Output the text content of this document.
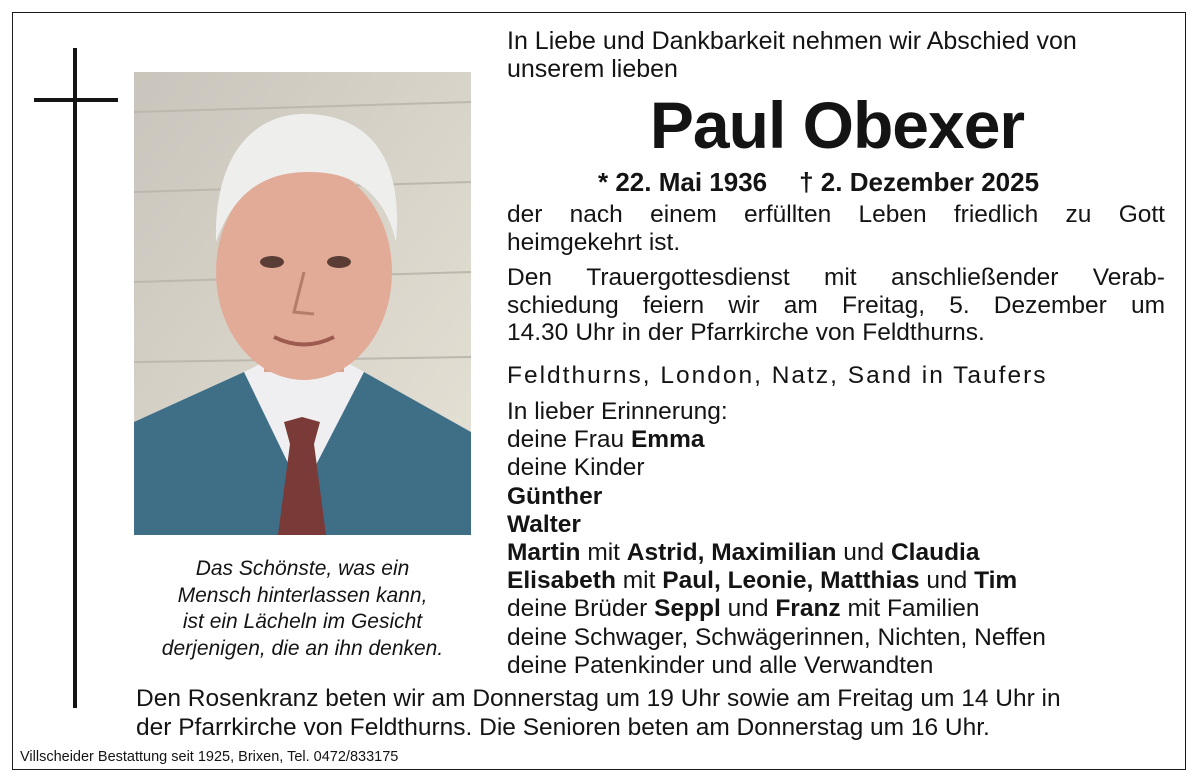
Das Schönste, was ein
Mensch hinterlassen kann,
ist ein Lächeln im Gesicht
derjenigen, die an ihn denken.
In Liebe und Dankbarkeit nehmen wir Abschied von
unserem lieben
Paul Obexer
* 22. Mai 1936 † 2. Dezember 2025
der nach einem erfüllten Leben friedlich zu Gott
heimgekehrt ist.
Den Trauergottesdienst mit anschließender Verab-
schiedung feiern wir am Freitag, 5. Dezember um
14.30 Uhr in der Pfarrkirche von Feldthurns.
Feldthurns, London, Natz, Sand in Taufers
In lieber Erinnerung:
deine Frau Emma
deine Kinder
Günther
Walter
Martin mit Astrid, Maximilian und Claudia
Elisabeth mit Paul, Leonie, Matthias und Tim
deine Brüder Seppl und Franz mit Familien
deine Schwager, Schwägerinnen, Nichten, Neffen
deine Patenkinder und alle Verwandten
Den Rosenkranz beten wir am Donnerstag um 19 Uhr sowie am Freitag um 14 Uhr in
der Pfarrkirche von Feldthurns. Die Senioren beten am Donnerstag um 16 Uhr.
Villscheider Bestattung seit 1925, Brixen, Tel. 0472/833175
